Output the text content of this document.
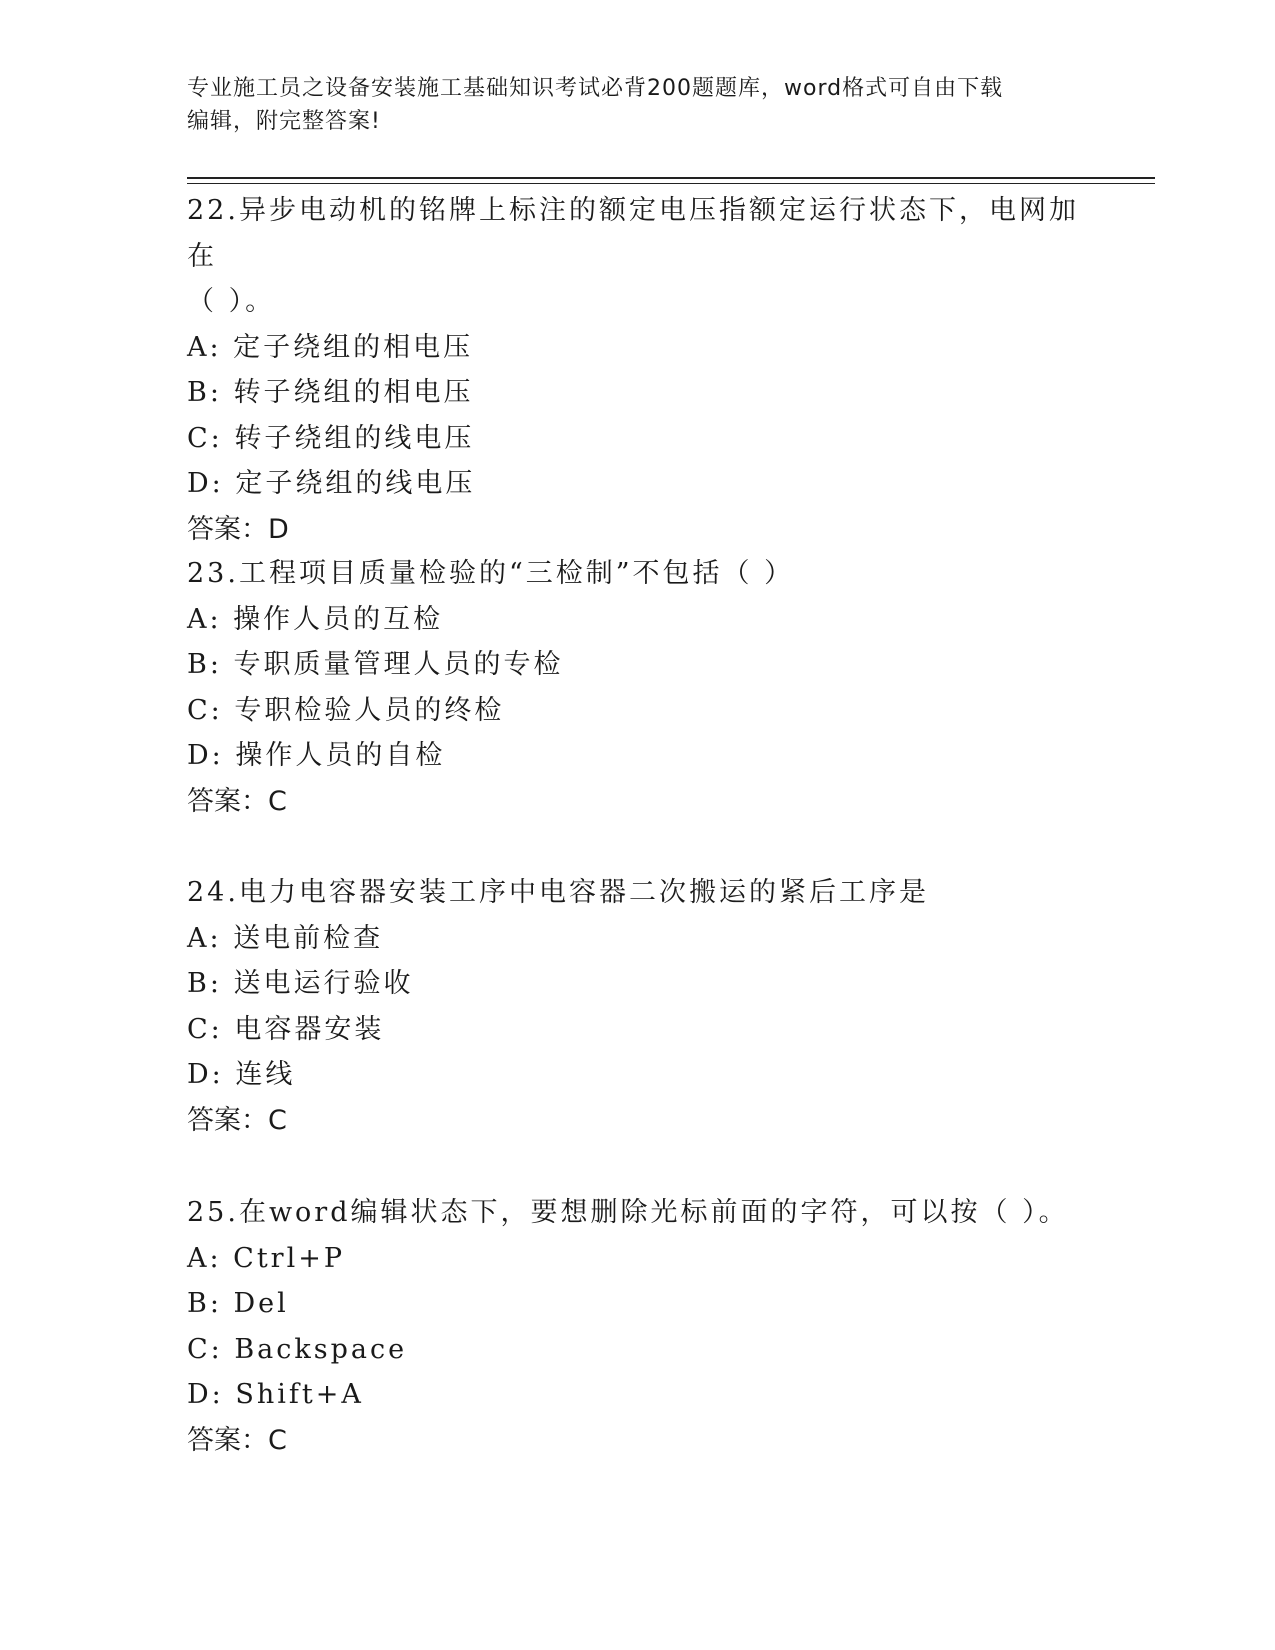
专业施工员之设备安装施工基础知识考试必背200题题库，word格式可自由下载
编辑，附完整答案!
22.异步电动机的铭牌上标注的额定电压指额定运行状态下，电网加在
（ ）。
A: 定子绕组的相电压
B: 转子绕组的相电压
C: 转子绕组的线电压
D: 定子绕组的线电压
答案：D
23.工程项目质量检验的“三检制”不包括（ ）
A: 操作人员的互检
B: 专职质量管理人员的专检
C: 专职检验人员的终检
D: 操作人员的自检
答案：C
24.电力电容器安装工序中电容器二次搬运的紧后工序是
A: 送电前检查
B: 送电运行验收
C: 电容器安装
D: 连线
答案：C
25.在word编辑状态下，要想删除光标前面的字符，可以按（ ）。
A: Ctrl+P
B: Del
C: Backspace
D: Shift+A
答案：C
